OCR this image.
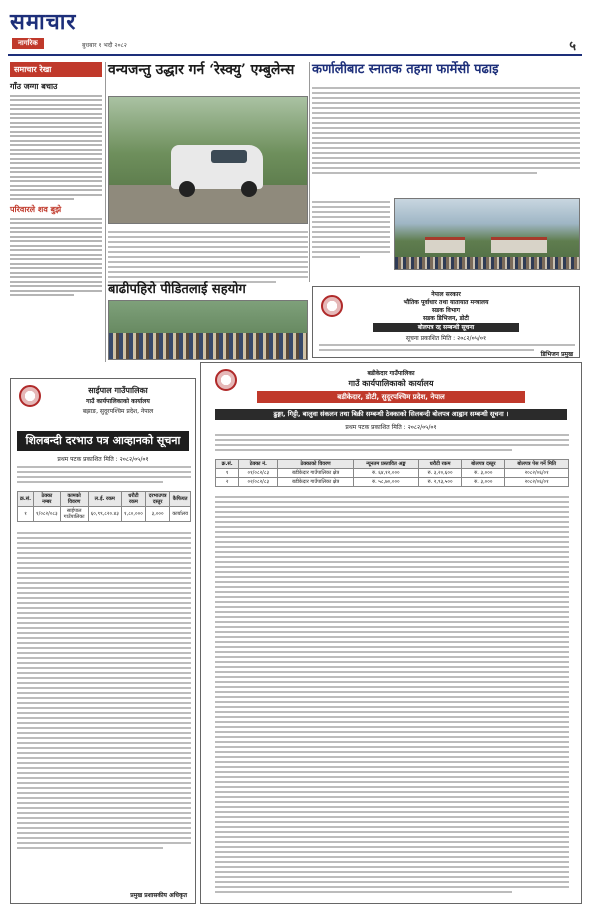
समाचार
नागरिक	बुधबार १ भदौ २०८२	५
समाचार रेखा
गाँउ जग्गा बचाउ
परिवारले शव बुझे
वन्यजन्तु उद्धार गर्न ‘रेस्क्यु’ एम्बुलेन्स	कर्णालीबाट स्नातक तहमा फार्मेसी पढाइ
बाढीपहिरो पीडितलाई सहयोग	नेपाल सरकार
भौतिक पूर्वाधार तथा यातायात मन्त्रालय
सडक विभाग
सडक डिभिजन, डोटी
बोलपत्र रद्द सम्बन्धी सूचना
सूचना प्रकाशित मिति : २०८२/०५/०१
डिभिजन प्रमुख
बडीकेदार गाउँपालिका
गाउँ कार्यपालिकाको कार्यालय
बडीकेदार, डोटी, सुदूरपश्चिम प्रदेश, नेपाल
ढुङ्गा, गिट्टी, बालुवा संकलन तथा बिक्री सम्बन्धी ठेक्काको सिलबन्दी बोलपत्र आह्वान सम्बन्धी सूचना ।
प्रथम पटक प्रकाशित मिति : २०८२/०५/०१
क्र.सं.	ठेक्का नं.	ठेक्काको विवरण	न्यूनतम प्रस्तावित अङ्क	धरौटी रकम	बोलपत्र दस्तुर	बोलपत्र पेस गर्ने मिति
१	०१/०८२/८३	बडीकेदार गाउँपालिका क्षेत्र	रु. ६४,१२,०००	रु. ३,२०,६००	रु. ३,०००	२०८२/०६/०१
२	०२/०८२/८३	बडीकेदार गाउँपालिका क्षेत्र	रु. ५८,७०,०००	रु. २,९३,५००	रु. ३,०००	२०८२/०६/०१
साईपाल गाउँपालिका
गाउँ कार्यपालिकाको कार्यालय
बझाङ, सुदूरपश्चिम प्रदेश, नेपाल
शिलबन्दी दरभाउ पत्र आव्हानको सूचना
प्रथम पटक प्रकाशित मिति : २०८२/०५/०१
क्र.सं.	ठेक्का नम्बर	कामको विवरण	ल.ई. रकम	धरौटी रकम	दरभाउपत्र दस्तुर	कैफियत
१	१/०८२/०८३	साईपाल गाउँपालिका	६०,९९,८२०.४३	१,८०,०००	३,०००	कार्यालय
प्रमुख प्रशासकीय अधिकृत
